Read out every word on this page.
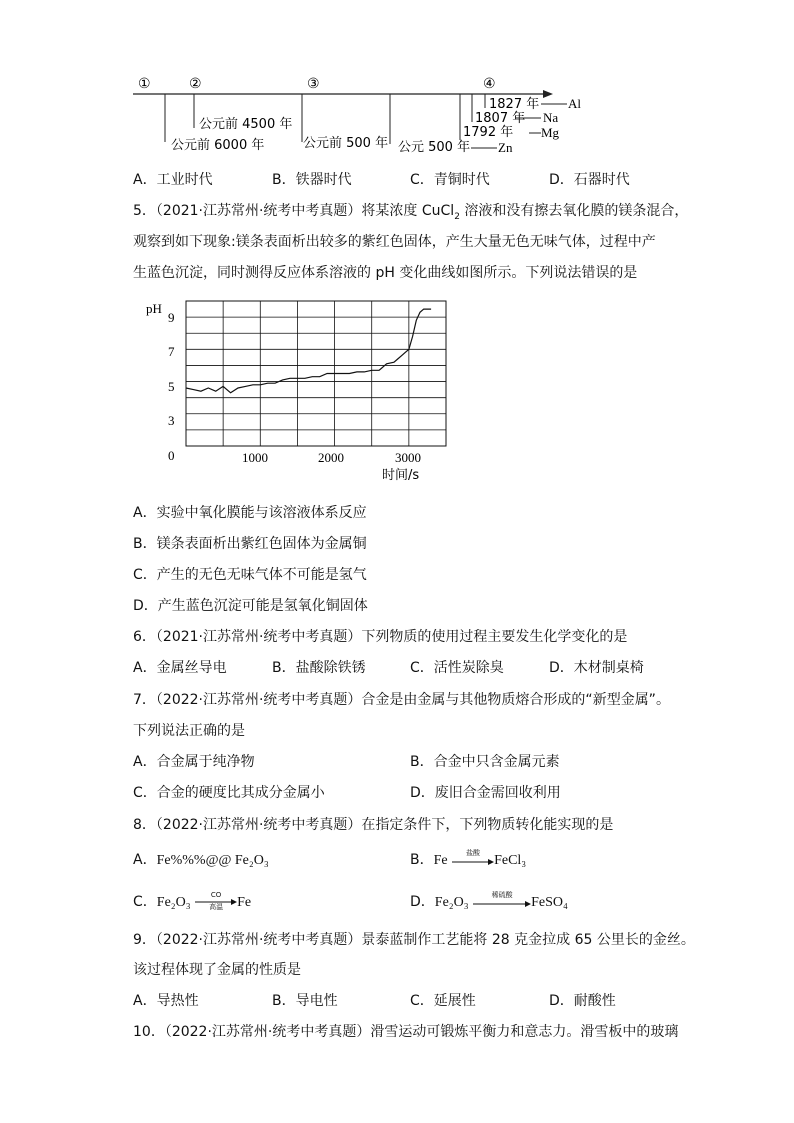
①	②	③	④
公元前 6000 年
公元前 4500 年
公元前 500 年 公元 500 年
1792 年
1807 年
1827 年
Zn
Mg
Na
Al
A．工业时代	B．铁器时代	C．青铜时代	D．石器时代
5．（2021·江苏常州·统考中考真题）将某浓度 CuCl$_2$ 溶液和没有擦去氧化膜的镁条混合，
观察到如下现象:镁条表面析出较多的紫红色固体，产生大量无色无味气体，过程中产
生蓝色沉淀，同时测得反应体系溶液的 pH 变化曲线如图所示。下列说法错误的是
pH
3
5
7
9
0	1000	2000	3000
时间/s
A．实验中氧化膜能与该溶液体系反应
B．镁条表面析出紫红色固体为金属铜
C．产生的无色无味气体不可能是氢气
D．产生蓝色沉淀可能是氢氧化铜固体
6．（2021·江苏常州·统考中考真题）下列物质的使用过程主要发生化学变化的是
A．金属丝导电	B．盐酸除铁锈	C．活性炭除臭	D．木材制桌椅
7．（2022·江苏常州·统考中考真题）合金是由金属与其他物质熔合形成的“新型金属”。
下列说法正确的是
A．合金属于纯净物	B．合金中只含金属元素
C．合金的硬度比其成分金属小	D．废旧合金需回收利用
8．（2022·江苏常州·统考中考真题）在指定条件下，下列物质转化能实现的是
A．Fe%%%@@ Fe₂O₃	B．Fe	盐酸	FeCl₃
C．Fe₂O₃	CO
高温	Fe	D．Fe₂O₃	稀硫酸	FeSO₄
9．（2022·江苏常州·统考中考真题）景泰蓝制作工艺能将 28 克金拉成 65 公里长的金丝。
该过程体现了金属的性质是
A．导热性	B．导电性	C．延展性	D．耐酸性
10．（2022·江苏常州·统考中考真题）滑雪运动可锻炼平衡力和意志力。滑雪板中的玻璃
